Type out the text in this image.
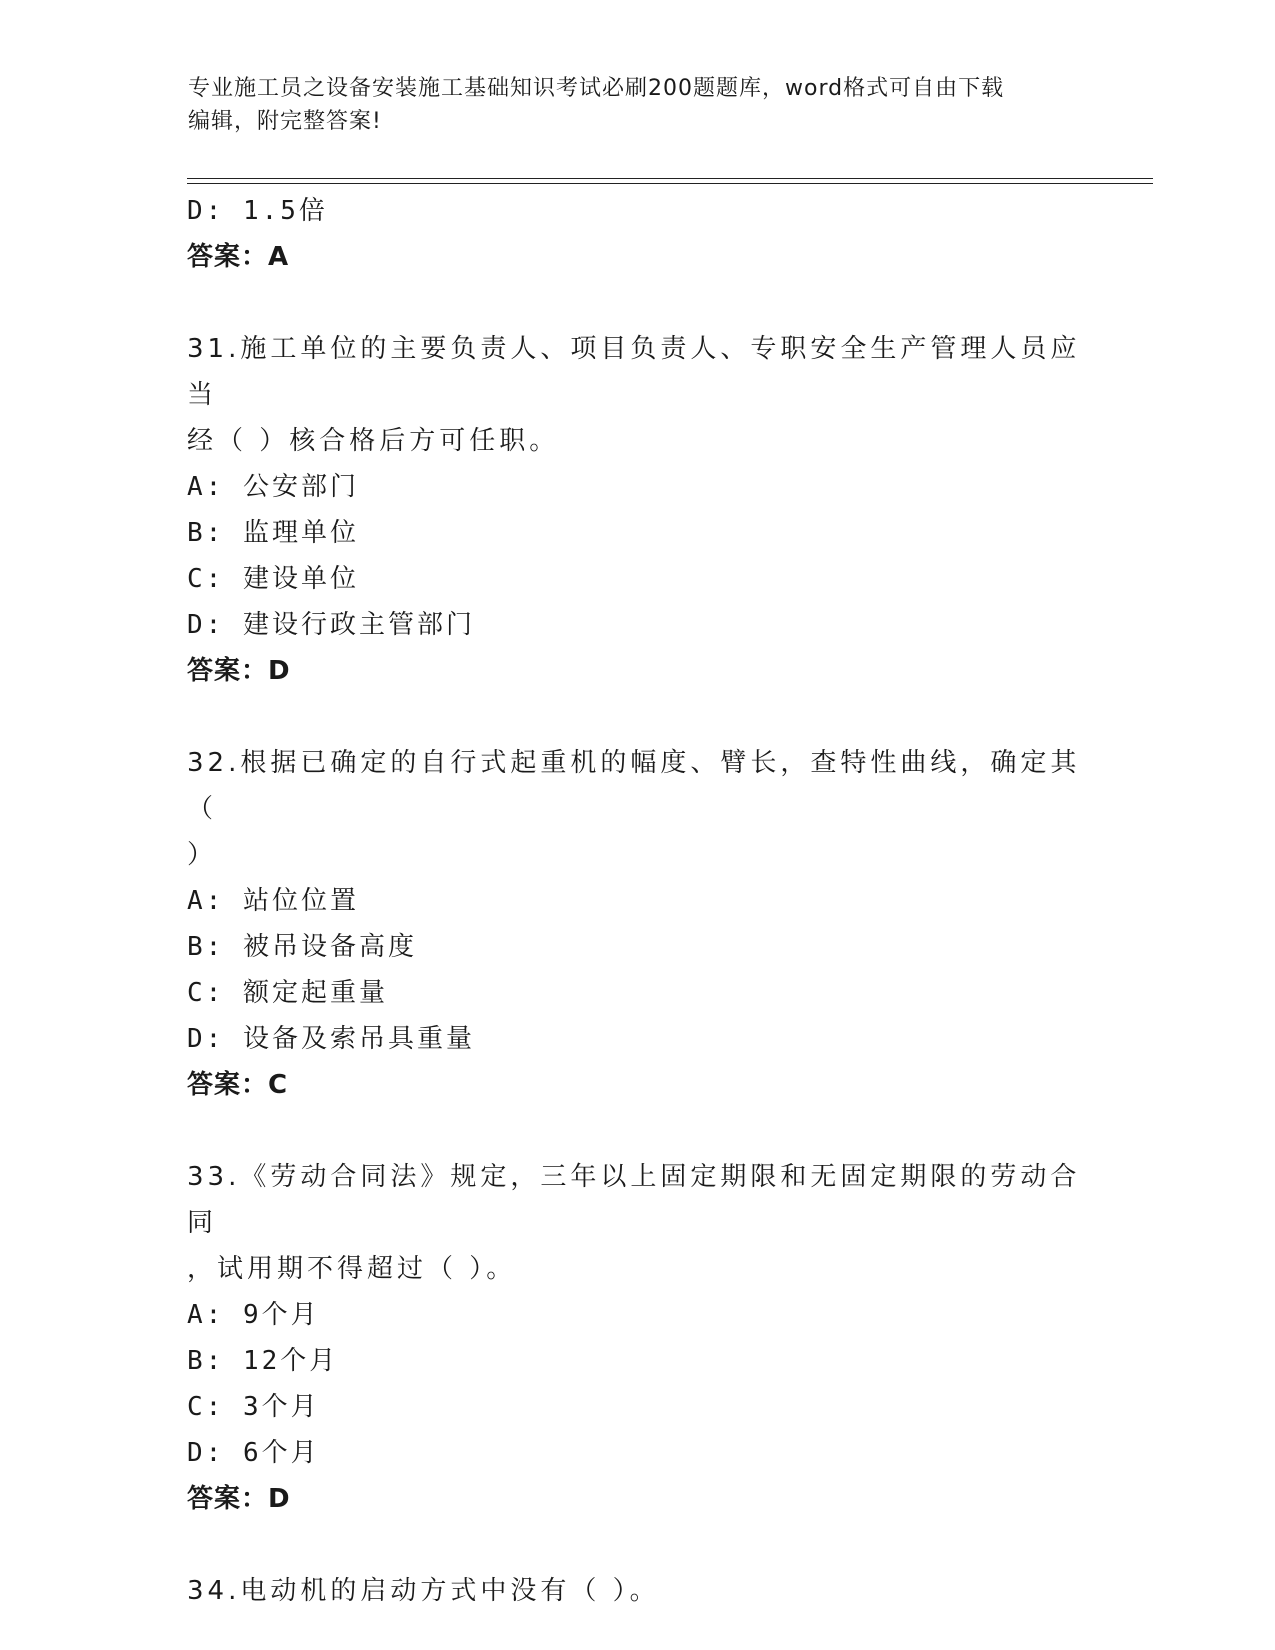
专业施工员之设备安装施工基础知识考试必刷200题题库，word格式可自由下载
编辑，附完整答案!
D: 1.5倍
答案：A
31.施工单位的主要负责人、项目负责人、专职安全生产管理人员应当
经（ ）核合格后方可任职。
A: 公安部门
B: 监理单位
C: 建设单位
D: 建设行政主管部门
答案：D
32.根据已确定的自行式起重机的幅度、臂长，查特性曲线，确定其（
）
A: 站位位置
B: 被吊设备高度
C: 额定起重量
D: 设备及索吊具重量
答案：C
33.《劳动合同法》规定，三年以上固定期限和无固定期限的劳动合同
，试用期不得超过（ ）。
A: 9个月
B: 12个月
C: 3个月
D: 6个月
答案：D
34.电动机的启动方式中没有（ ）。
